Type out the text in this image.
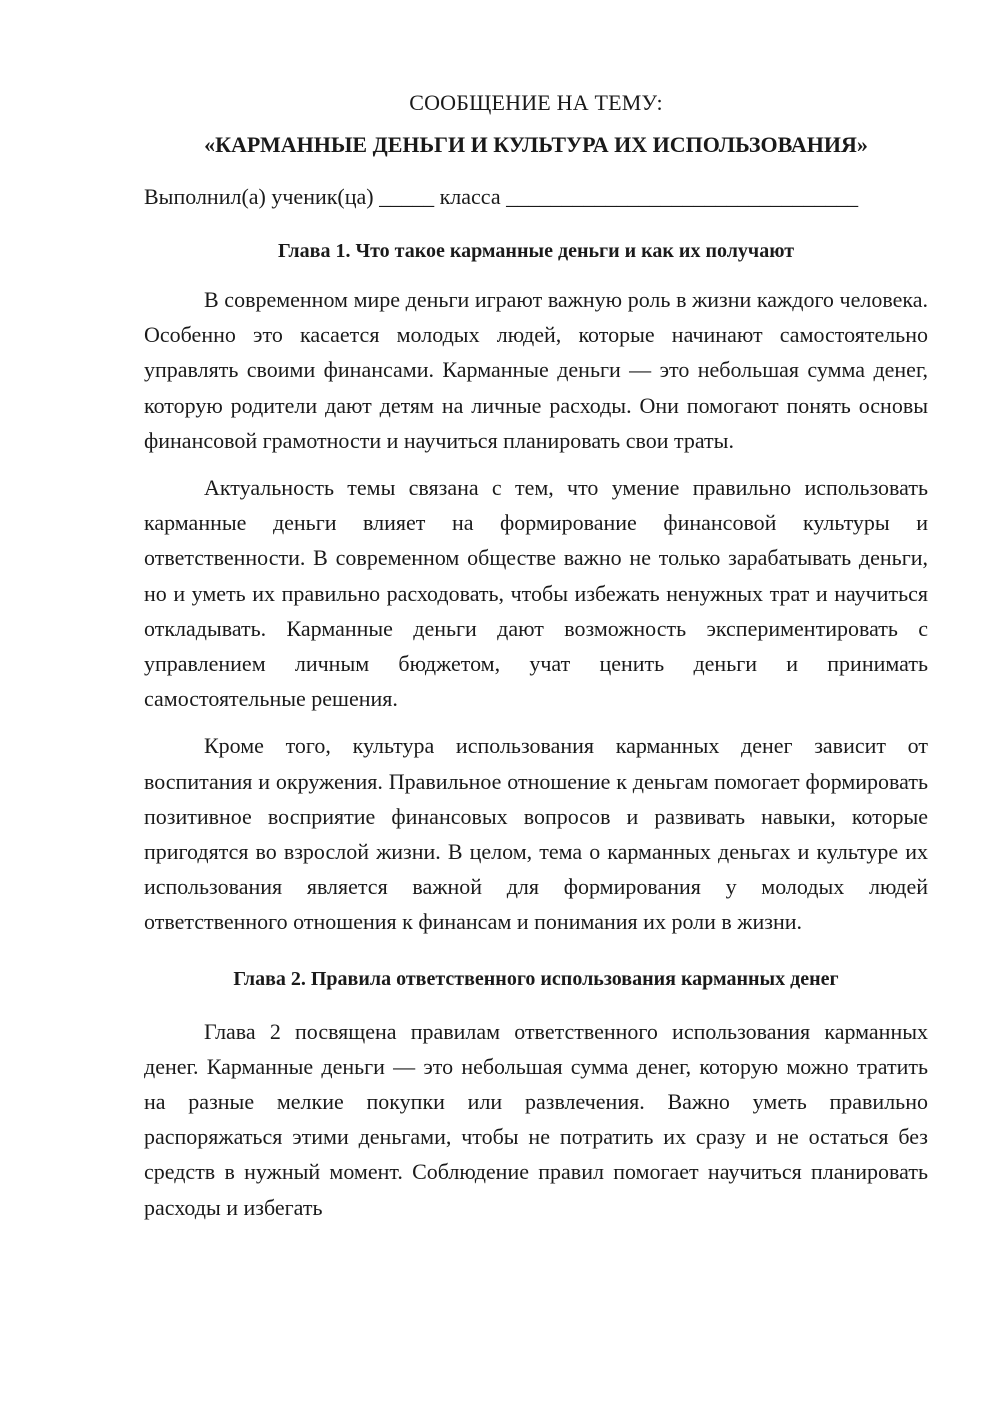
СООБЩЕНИЕ НА ТЕМУ:
«КАРМАННЫЕ ДЕНЬГИ И КУЛЬТУРА ИХ ИСПОЛЬЗОВАНИЯ»
Выполнил(а) ученик(ца) _____ класса ________________________________
Глава 1. Что такое карманные деньги и как их получают

В современном мире деньги играют важную роль в жизни каждого человека. Особенно это касается молодых людей, которые начинают самостоятельно управлять своими финансами. Карманные деньги — это небольшая сумма денег, которую родители дают детям на личные расходы. Они помогают понять основы финансовой грамотности и научиться планировать свои траты.

Актуальность темы связана с тем, что умение правильно использовать карманные деньги влияет на формирование финансовой культуры и ответственности. В современном обществе важно не только зарабатывать деньги, но и уметь их правильно расходовать, чтобы избежать ненужных трат и научиться откладывать. Карманные деньги дают возможность экспериментировать с управлением личным бюджетом, учат ценить деньги и принимать самостоятельные решения.

Кроме того, культура использования карманных денег зависит от воспитания и окружения. Правильное отношение к деньгам помогает формировать позитивное восприятие финансовых вопросов и развивать навыки, которые пригодятся во взрослой жизни. В целом, тема о карманных деньгах и культуре их использования является важной для формирования у молодых людей ответственного отношения к финансам и понимания их роли в жизни.

Глава 2. Правила ответственного использования карманных денег

Глава 2 посвящена правилам ответственного использования карманных денег. Карманные деньги — это небольшая сумма денег, которую можно тратить на разные мелкие покупки или развлечения. Важно уметь правильно распоряжаться этими деньгами, чтобы не потратить их сразу и не остаться без средств в нужный момент. Соблюдение правил помогает научиться планировать расходы и избегать
